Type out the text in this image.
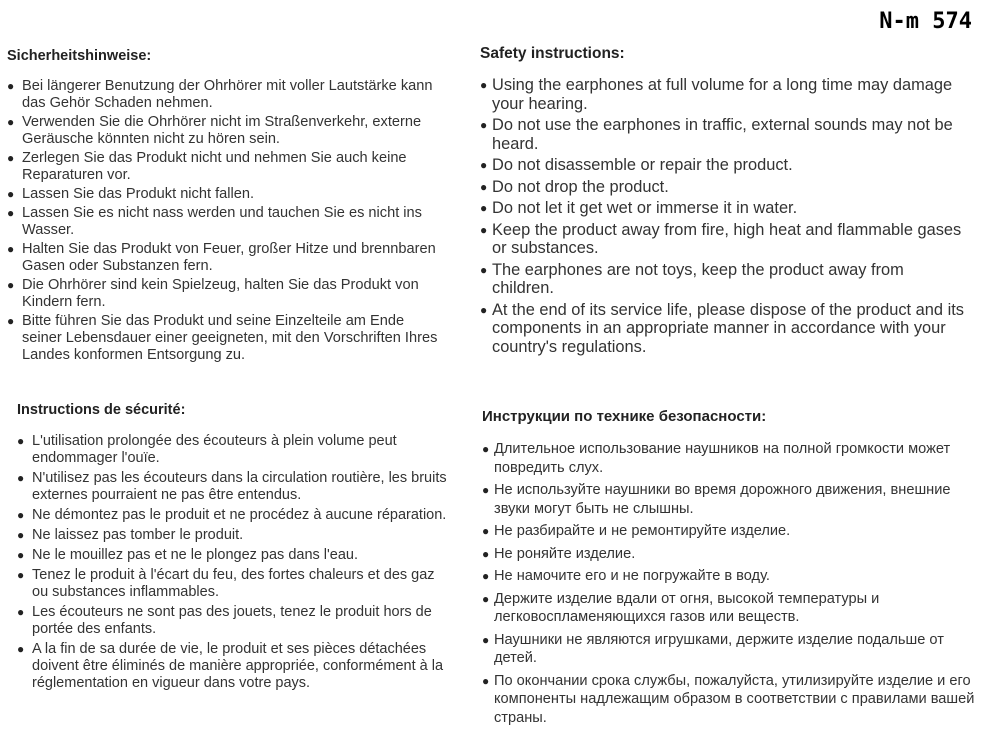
N-m 574
Sicherheitshinweise:
● Bei längerer Benutzung der Ohrhörer mit voller Lautstärke kann das Gehör Schaden nehmen.
● Verwenden Sie die Ohrhörer nicht im Straßenverkehr, externe Geräusche könnten nicht zu hören sein.
● Zerlegen Sie das Produkt nicht und nehmen Sie auch keine Reparaturen vor.
● Lassen Sie das Produkt nicht fallen.
● Lassen Sie es nicht nass werden und tauchen Sie es nicht ins Wasser.
● Halten Sie das Produkt von Feuer, großer Hitze und brennbaren Gasen oder Substanzen fern.
● Die Ohrhörer sind kein Spielzeug, halten Sie das Produkt von Kindern fern.
● Bitte führen Sie das Produkt und seine Einzelteile am Ende seiner Lebensdauer einer geeigneten, mit den Vorschriften Ihres Landes konformen Entsorgung zu.
Safety instructions:
● Using the earphones at full volume for a long time may damage your hearing.
● Do not use the earphones in traffic, external sounds may not be heard.
● Do not disassemble or repair the product.
● Do not drop the product.
● Do not let it get wet or immerse it in water.
● Keep the product away from fire, high heat and flammable gases or substances.
● The earphones are not toys, keep the product away from children.
● At the end of its service life, please dispose of the product and its components in an appropriate manner in accordance with your country's regulations.
Instructions de sécurité:
● L'utilisation prolongée des écouteurs à plein volume peut endommager l'ouïe.
● N'utilisez pas les écouteurs dans la circulation routière, les bruits externes pourraient ne pas être entendus.
● Ne démontez pas le produit et ne procédez à aucune réparation.
● Ne laissez pas tomber le produit.
● Ne le mouillez pas et ne le plongez pas dans l'eau.
● Tenez le produit à l'écart du feu, des fortes chaleurs et des gaz ou substances inflammables.
● Les écouteurs ne sont pas des jouets, tenez le produit hors de portée des enfants.
● A la fin de sa durée de vie, le produit et ses pièces détachées doivent être éliminés de manière appropriée, conformément à la réglementation en vigueur dans votre pays.
Инструкции по технике безопасности:
● Длительное использование наушников на полной громкости может повредить слух.
● Не используйте наушники во время дорожного движения, внешние звуки могут быть не слышны.
● Не разбирайте и не ремонтируйте изделие.
● Не роняйте изделие.
● Не намочите его и не погружайте в воду.
● Держите изделие вдали от огня, высокой температуры и легковоспламеняющихся газов или веществ.
● Наушники не являются игрушками, держите изделие подальше от детей.
● По окончании срока службы, пожалуйста, утилизируйте изделие и его компоненты надлежащим образом в соответствии с правилами вашей страны.
